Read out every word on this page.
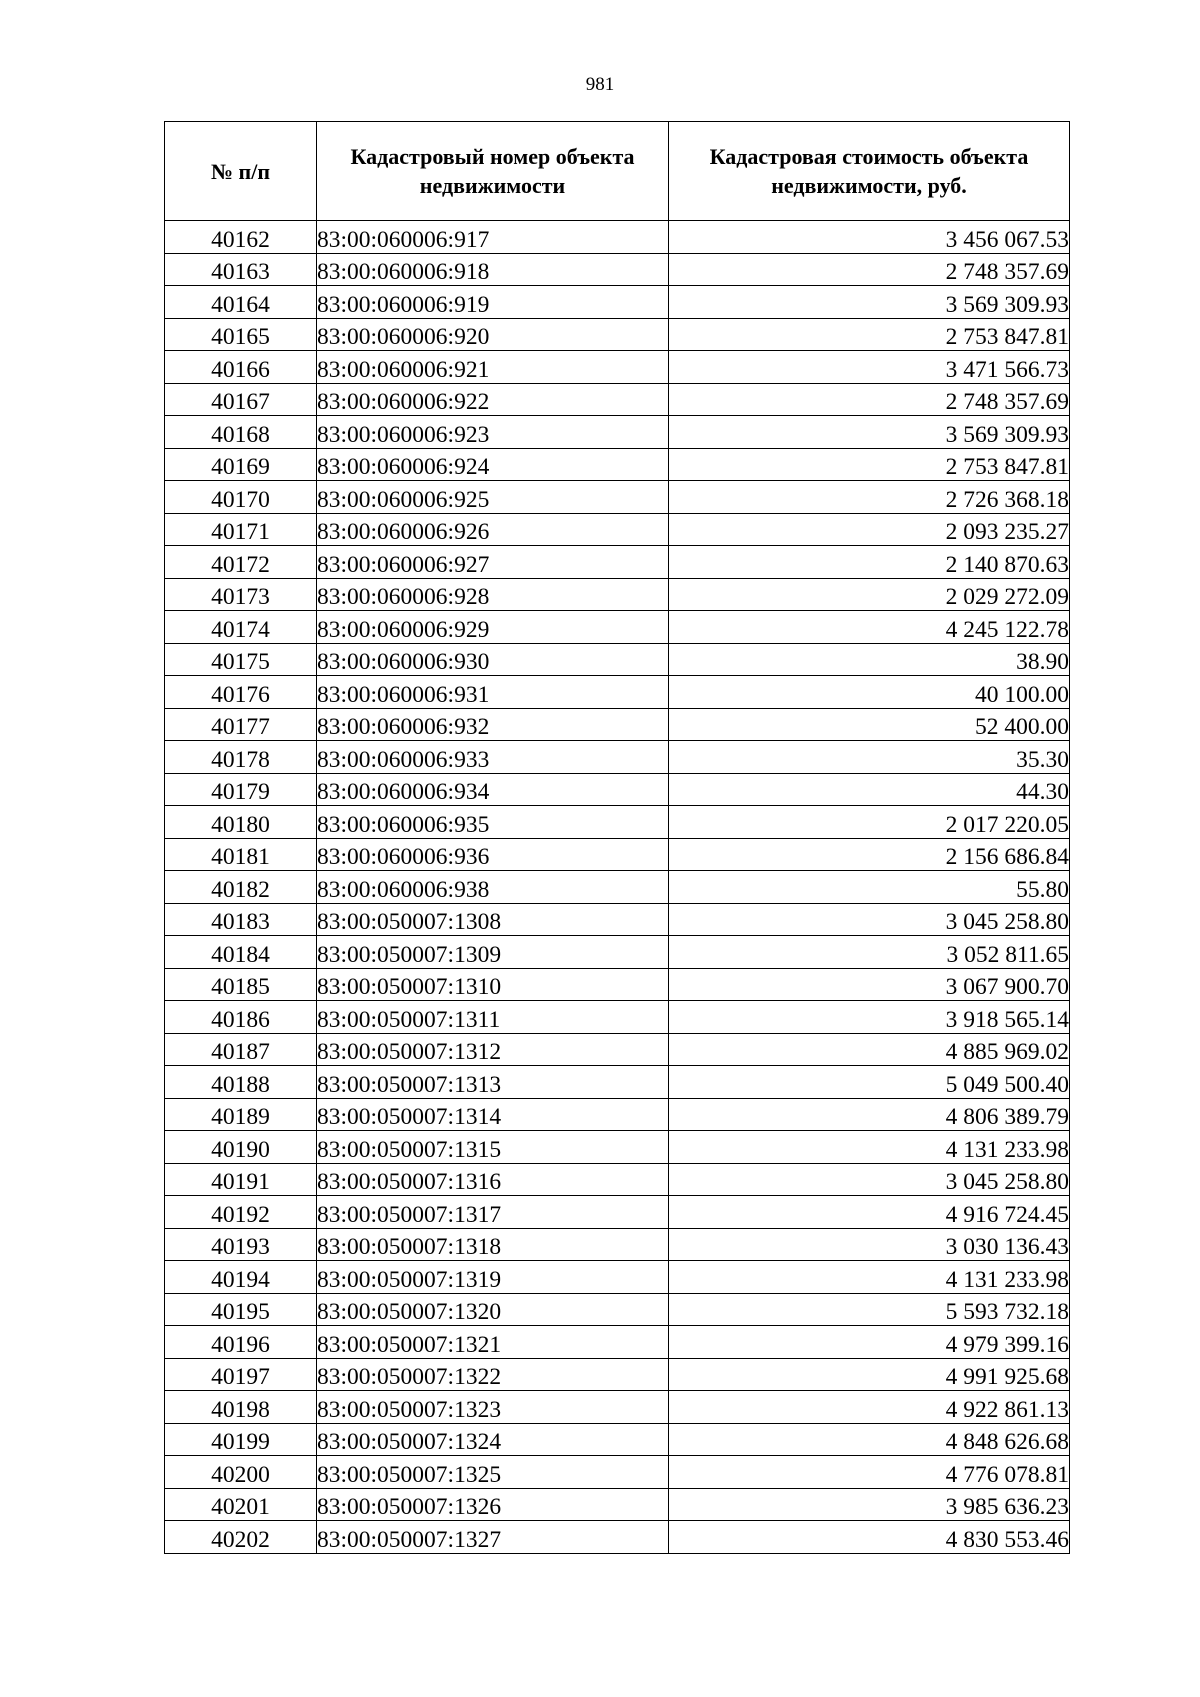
981
№ п/п	Кадастровый номер объекта недвижимости	Кадастровая стоимость объекта недвижимости, руб.
40162	83:00:060006:917	3 456 067.53
40163	83:00:060006:918	2 748 357.69
40164	83:00:060006:919	3 569 309.93
40165	83:00:060006:920	2 753 847.81
40166	83:00:060006:921	3 471 566.73
40167	83:00:060006:922	2 748 357.69
40168	83:00:060006:923	3 569 309.93
40169	83:00:060006:924	2 753 847.81
40170	83:00:060006:925	2 726 368.18
40171	83:00:060006:926	2 093 235.27
40172	83:00:060006:927	2 140 870.63
40173	83:00:060006:928	2 029 272.09
40174	83:00:060006:929	4 245 122.78
40175	83:00:060006:930	38.90
40176	83:00:060006:931	40 100.00
40177	83:00:060006:932	52 400.00
40178	83:00:060006:933	35.30
40179	83:00:060006:934	44.30
40180	83:00:060006:935	2 017 220.05
40181	83:00:060006:936	2 156 686.84
40182	83:00:060006:938	55.80
40183	83:00:050007:1308	3 045 258.80
40184	83:00:050007:1309	3 052 811.65
40185	83:00:050007:1310	3 067 900.70
40186	83:00:050007:1311	3 918 565.14
40187	83:00:050007:1312	4 885 969.02
40188	83:00:050007:1313	5 049 500.40
40189	83:00:050007:1314	4 806 389.79
40190	83:00:050007:1315	4 131 233.98
40191	83:00:050007:1316	3 045 258.80
40192	83:00:050007:1317	4 916 724.45
40193	83:00:050007:1318	3 030 136.43
40194	83:00:050007:1319	4 131 233.98
40195	83:00:050007:1320	5 593 732.18
40196	83:00:050007:1321	4 979 399.16
40197	83:00:050007:1322	4 991 925.68
40198	83:00:050007:1323	4 922 861.13
40199	83:00:050007:1324	4 848 626.68
40200	83:00:050007:1325	4 776 078.81
40201	83:00:050007:1326	3 985 636.23
40202	83:00:050007:1327	4 830 553.46
